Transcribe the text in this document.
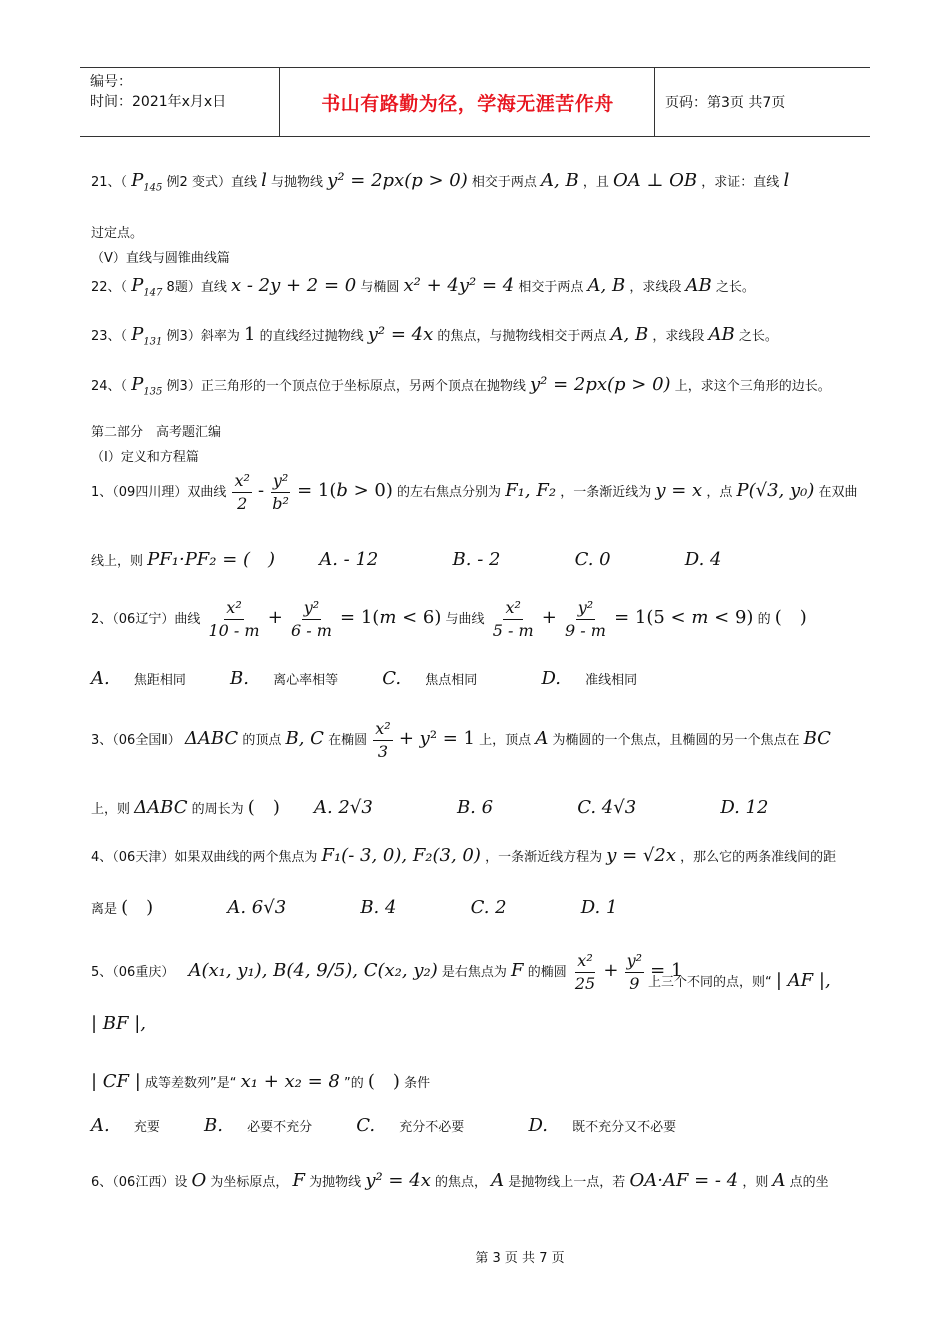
编号：
时间：2021年x月x日	书山有路勤为径，学海无涯苦作舟	页码：第3页 共7页
21、（ $P_{145}$ 例2 变式）直线 l 与抛物线 y² = 2px(p > 0) 相交于两点 A, B ，且 OA ⊥ OB ，求证：直线 l
过定点。
（V）直线与圆锥曲线篇
22、（ $P_{147}$ 8题）直线 x - 2y + 2 = 0 与椭圆 x² + 4y² = 4 相交于两点 A, B ，求线段 AB 之长。
23、（ $P_{131}$ 例3）斜率为 1 的直线经过抛物线 y² = 4x 的焦点，与抛物线相交于两点 A, B ，求线段 AB 之长。
24、（ $P_{135}$ 例3）正三角形的一个顶点位于坐标原点，另两个顶点在抛物线 y² = 2px(p > 0) 上，求这个三角形的边长。
第二部分　高考题汇编
（Ⅰ）定义和方程篇
1、（09四川理）双曲线 $\frac{\text{x²}}{2} - \frac{\text{y²}}{\text{b²}} = 1(b > 0)$ 的左右焦点分别为 F₁, F₂ ，一条渐近线为 y = x ，点 P(√3, y₀) 在双曲
线上，则 PF₁·PF₂ = (　) A. - 12	B. - 2	C. 0	D. 4
2、（06辽宁）曲线 $\frac{\text{x²}}{10 - m} + \frac{\text{y²}}{6 - m} = 1(m < 6)$ 与曲线 $\frac{\text{x²}}{5 - m} + \frac{\text{y²}}{9 - m} = 1(5 < m < 9)$ 的 (　)
A. 焦距相同 B. 离心率相等 C. 焦点相同	D. 准线相同
3、（06全国Ⅱ） ΔABC 的顶点 B, C 在椭圆 $\frac{\text{x²}}{3} + y^2 = 1$ 上，顶点 A 为椭圆的一个焦点，且椭圆的另一个焦点在 BC
上，则 ΔABC 的周长为 (　) A. 2√3	B. 6	C. 4√3	D. 12
4、（06天津）如果双曲线的两个焦点为 F₁(- 3, 0), F₂(3, 0) ，一条渐近线方程为 y = √2x ，那么它的两条准线间的距
离是 (　)	A. 6√3	B. 4	C. 2	D. 1
5、（06重庆） A(x₁, y₁), B(4, 9/5), C(x₂, y₂) 是右焦点为 F 的椭圆 $\frac{\text{x²}}{25} + \frac{\text{y²}}{9} = 1$
上三个不同的点，则“ | AF |,
| BF |,
| CF | 成等差数列”是“ x₁ + x₂ = 8 ”的 (　) 条件
A. 充要 B. 必要不充分 C. 充分不必要	D. 既不充分又不必要
6、（06江西）设 O 为坐标原点， F 为抛物线 y² = 4x 的焦点， A 是抛物线上一点，若 OA·AF = - 4 ，则 A 点的坐
第 3 页 共 7 页
